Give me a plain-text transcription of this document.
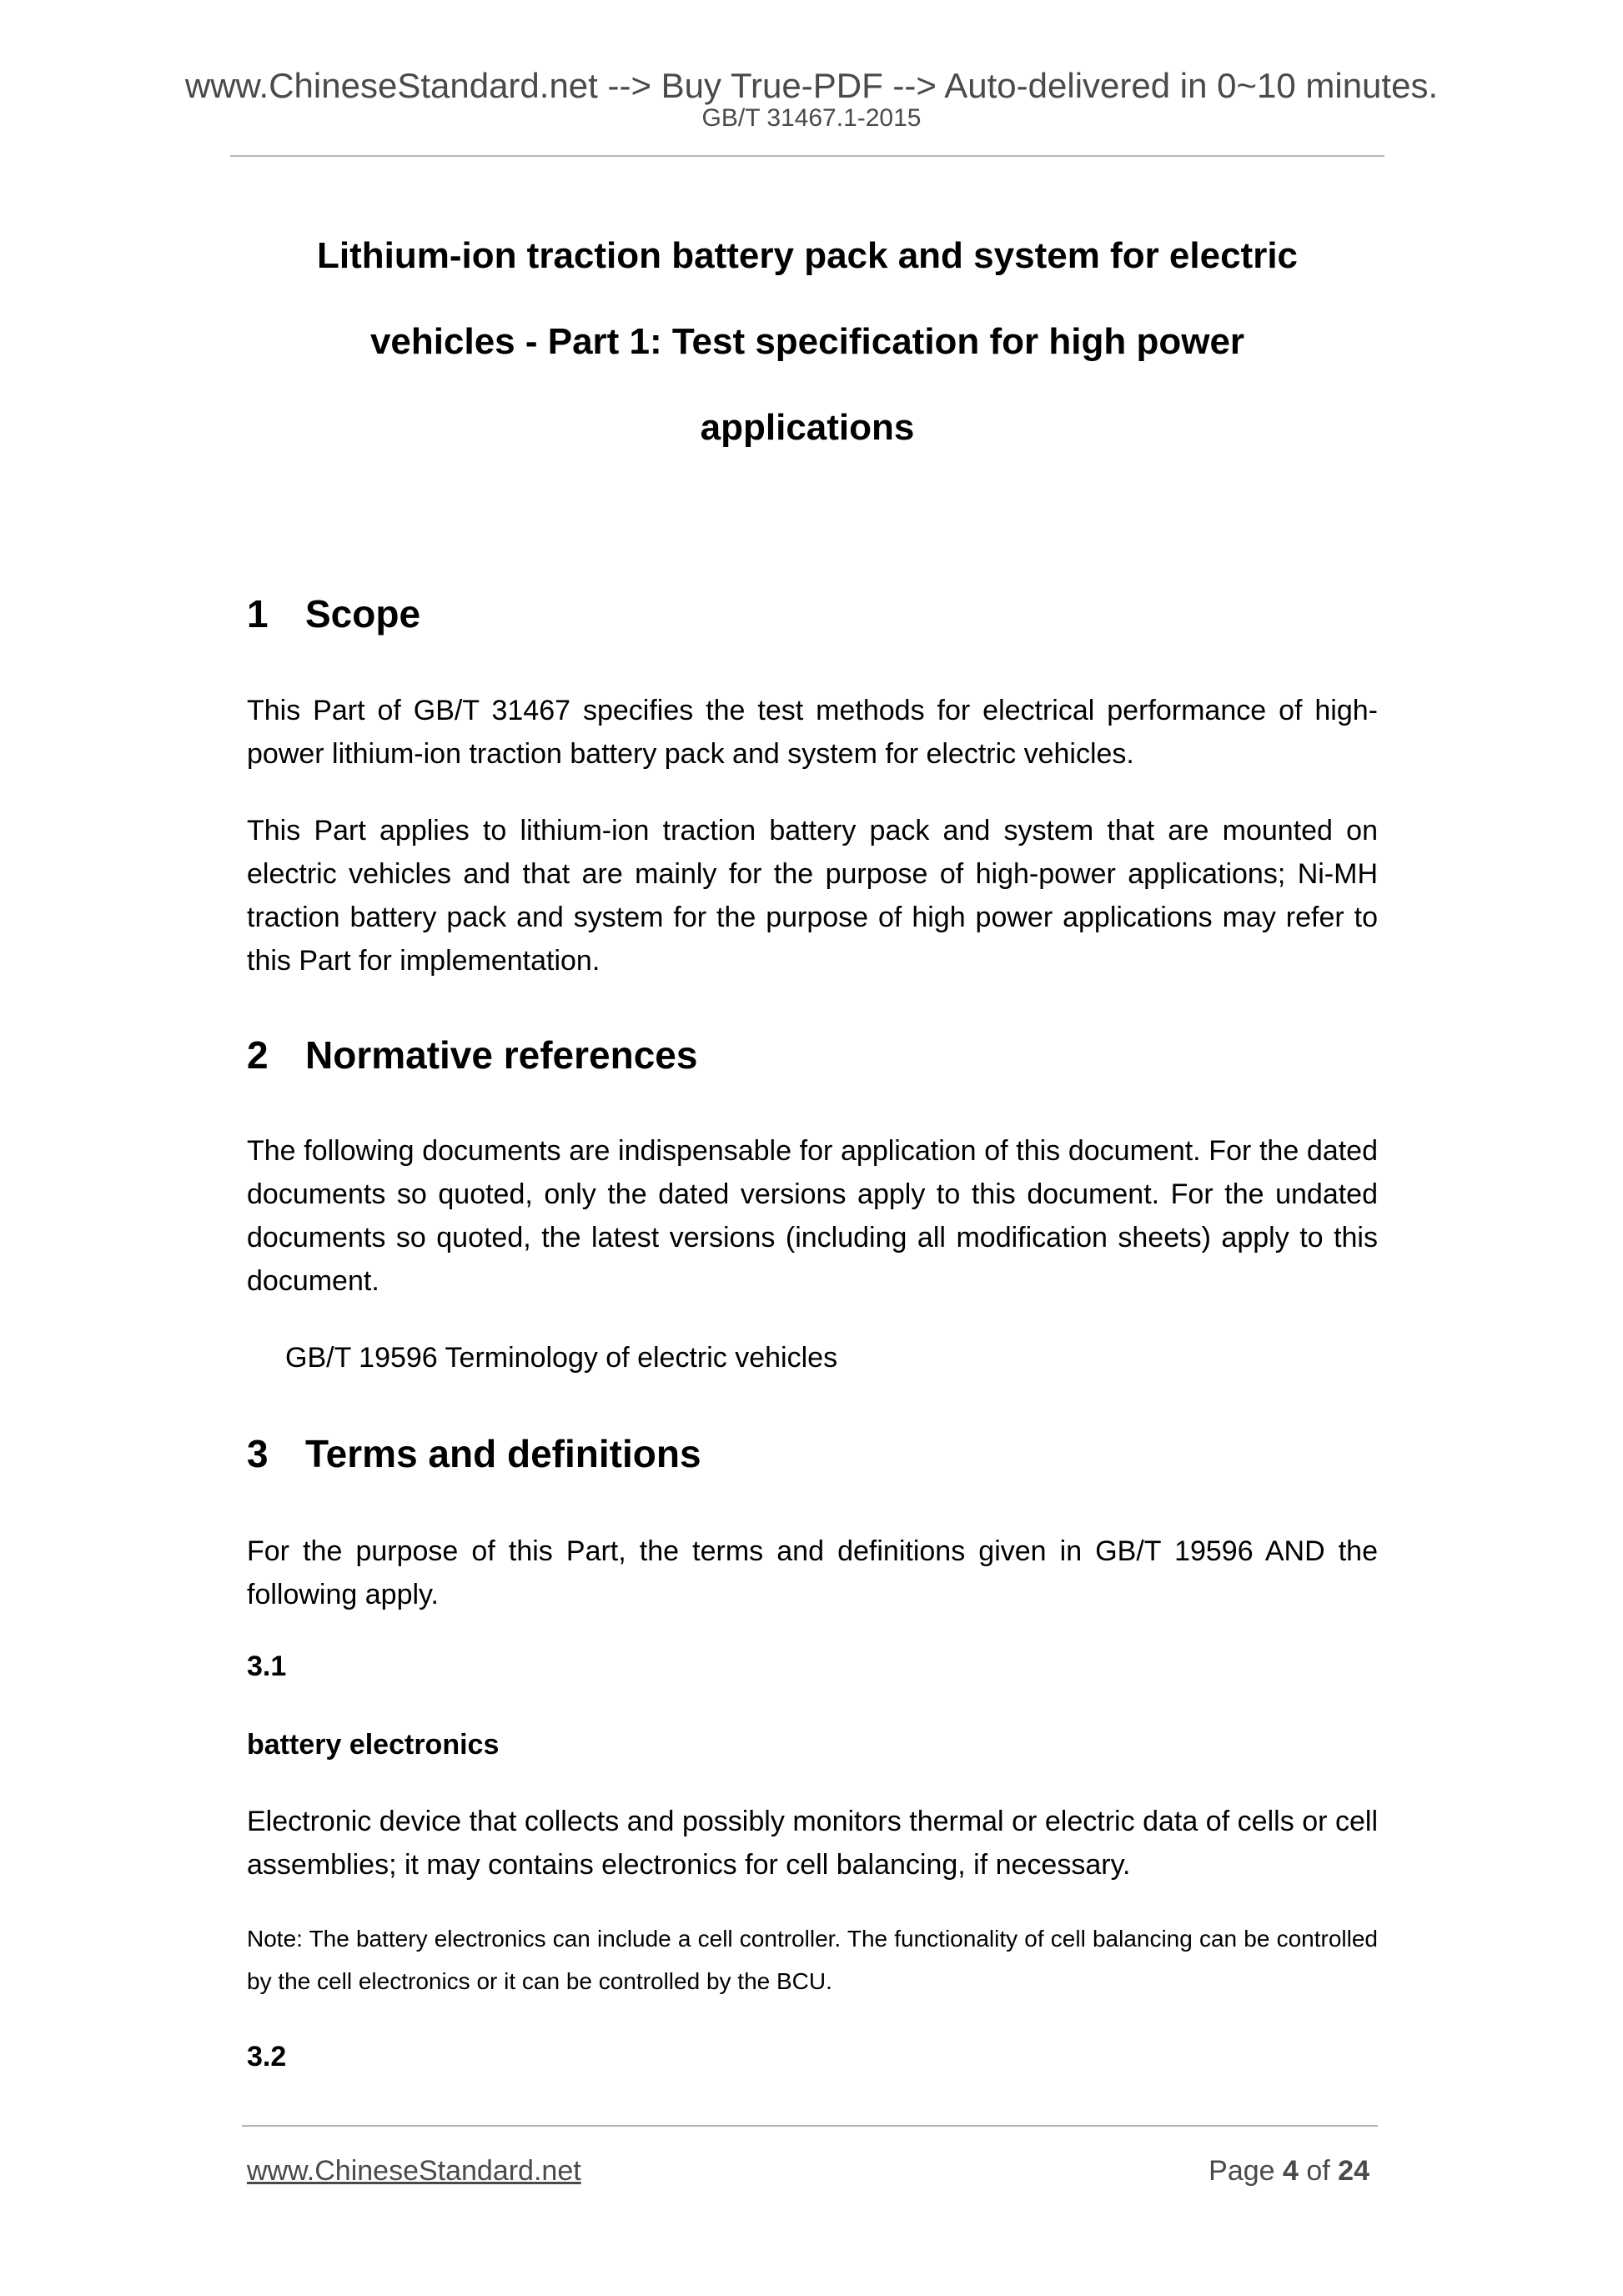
www.ChineseStandard.net --> Buy True-PDF --> Auto-delivered in 0~10 minutes.
GB/T 31467.1-2015
Lithium-ion traction battery pack and system for electric
vehicles - Part 1: Test specification for high power
applications
1 Scope
This Part of GB/T 31467 specifies the test methods for electrical performance of high-power lithium-ion traction battery pack and system for electric vehicles.
This Part applies to lithium-ion traction battery pack and system that are mounted on electric vehicles and that are mainly for the purpose of high-power applications; Ni-MH traction battery pack and system for the purpose of high power applications may refer to this Part for implementation.
2 Normative references
The following documents are indispensable for application of this document. For the dated documents so quoted, only the dated versions apply to this document. For the undated documents so quoted, the latest versions (including all modification sheets) apply to this document.
GB/T 19596 Terminology of electric vehicles
3 Terms and definitions
For the purpose of this Part, the terms and definitions given in GB/T 19596 AND the following apply.
3.1
battery electronics
Electronic device that collects and possibly monitors thermal or electric data of cells or cell assemblies; it may contains electronics for cell balancing, if necessary.
Note: The battery electronics can include a cell controller. The functionality of cell balancing can be controlled by the cell electronics or it can be controlled by the BCU.
3.2
www.ChineseStandard.net	Page 4 of 24
